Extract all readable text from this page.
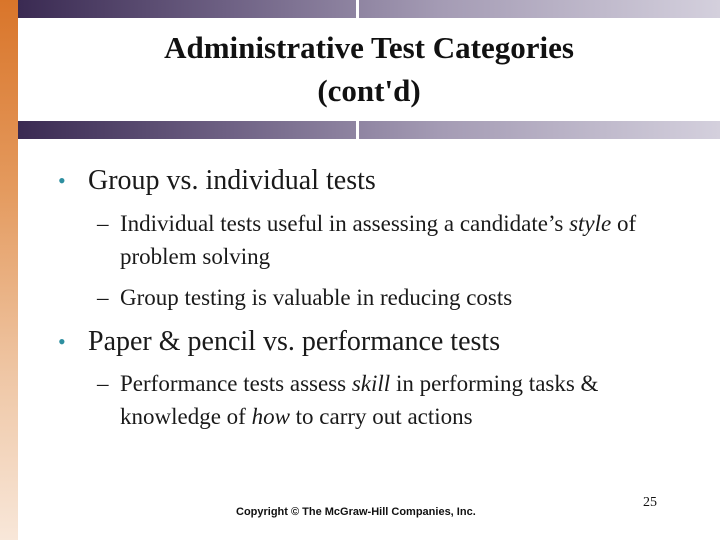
Administrative Test Categories
(cont'd)
• Group vs. individual tests
– Individual tests useful in assessing a candidate’s style of problem solving
– Group testing is valuable in reducing costs
• Paper & pencil vs. performance tests
– Performance tests assess skill in performing tasks & knowledge of how to carry out actions
Copyright © The McGraw-Hill Companies, Inc.
25
